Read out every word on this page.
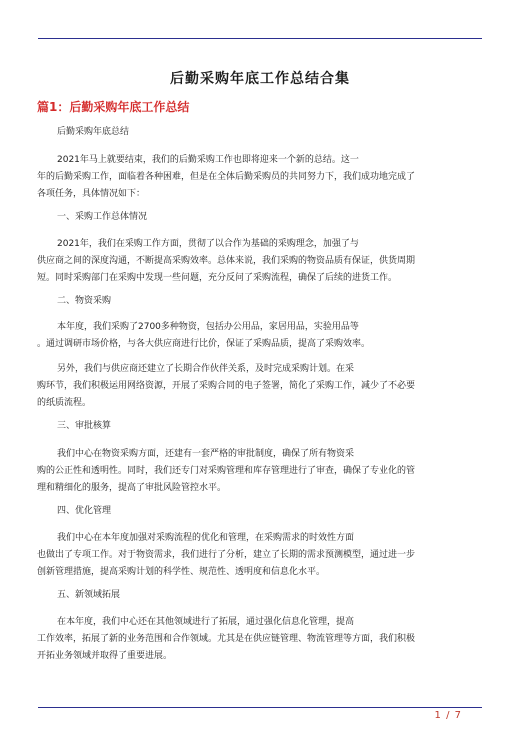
后勤采购年底工作总结合集
篇1：后勤采购年底工作总结
后勤采购年底总结
2021年马上就要结束，我们的后勤采购工作也即将迎来一个新的总结。这一
年的后勤采购工作，面临着各种困难，但是在全体后勤采购员的共同努力下，我们成功地完成了
各项任务，具体情况如下：
一、采购工作总体情况
2021年，我们在采购工作方面，贯彻了以合作为基础的采购理念，加强了与
供应商之间的深度沟通，不断提高采购效率。总体来说，我们采购的物资品质有保证，供货周期
短。同时采购部门在采购中发现一些问题，充分反问了采购流程，确保了后续的进货工作。
二、物资采购
本年度，我们采购了2700多种物资，包括办公用品，家居用品，实验用品等
。通过调研市场价格，与各大供应商进行比价，保证了采购品质，提高了采购效率。
另外，我们与供应商还建立了长期合作伙伴关系，及时完成采购计划。在采
购环节，我们积极运用网络资源，开展了采购合同的电子签署，简化了采购工作，减少了不必要
的纸质流程。
三、审批核算
我们中心在物资采购方面，还建有一套严格的审批制度，确保了所有物资采
购的公正性和透明性。同时，我们还专门对采购管理和库存管理进行了审查，确保了专业化的管
理和精细化的服务，提高了审批风险管控水平。
四、优化管理
我们中心在本年度加强对采购流程的优化和管理，在采购需求的时效性方面
也做出了专项工作。对于物资需求，我们进行了分析，建立了长期的需求预测模型，通过进一步
创新管理措施，提高采购计划的科学性、规范性、透明度和信息化水平。
五、新领域拓展
在本年度，我们中心还在其他领域进行了拓展，通过强化信息化管理，提高
工作效率，拓展了新的业务范围和合作领域。尤其是在供应链管理、物流管理等方面，我们积极
开拓业务领域并取得了重要进展。
1 / 7
